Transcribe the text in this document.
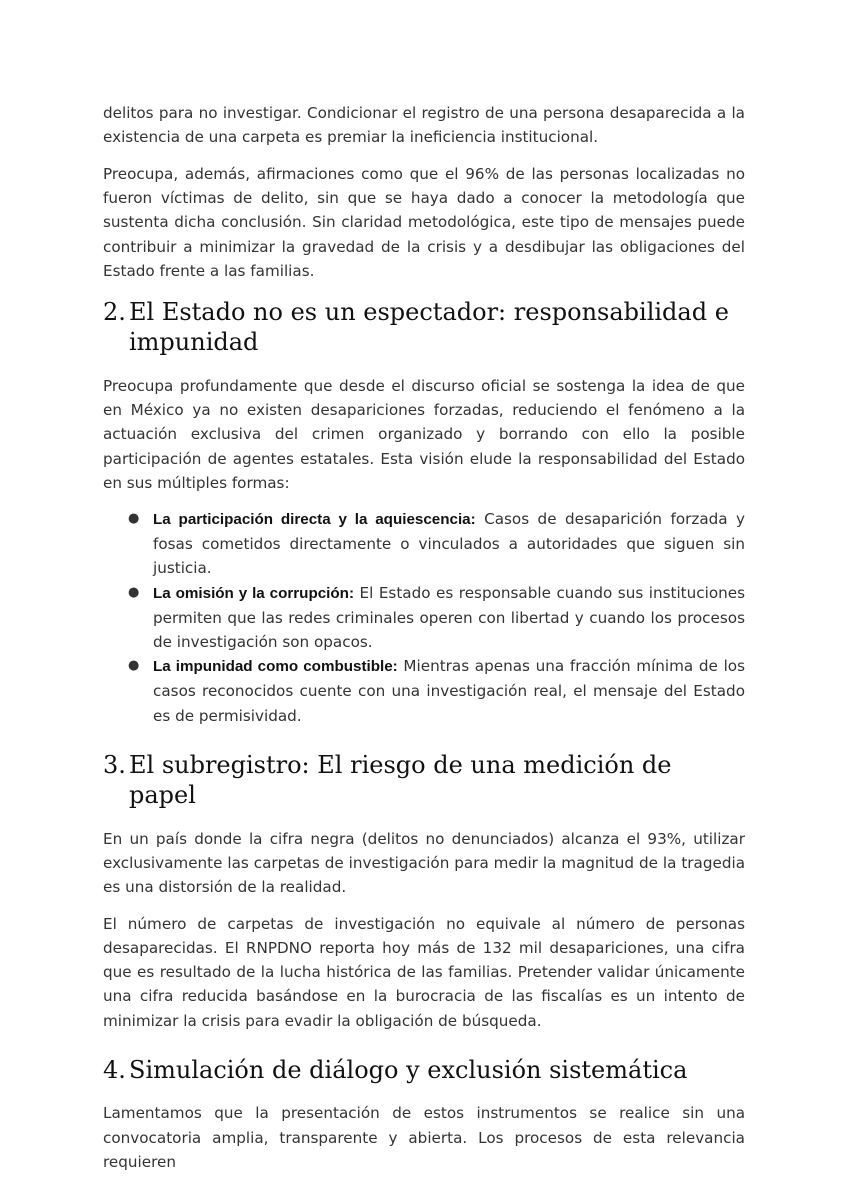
delitos para no investigar. Condicionar el registro de una persona desaparecida a la existencia de una carpeta es premiar la ineficiencia institucional.

Preocupa, además, afirmaciones como que el 96% de las personas localizadas no fueron víctimas de delito, sin que se haya dado a conocer la metodología que sustenta dicha conclusión. Sin claridad metodológica, este tipo de mensajes puede contribuir a minimizar la gravedad de la crisis y a desdibujar las obligaciones del Estado frente a las familias.

2. El Estado no es un espectador: responsabilidad e impunidad

Preocupa profundamente que desde el discurso oficial se sostenga la idea de que en México ya no existen desapariciones forzadas, reduciendo el fenómeno a la actuación exclusiva del crimen organizado y borrando con ello la posible participación de agentes estatales. Esta visión elude la responsabilidad del Estado en sus múltiples formas:

● La participación directa y la aquiescencia: Casos de desaparición forzada y fosas cometidos directamente o vinculados a autoridades que siguen sin justicia.
● La omisión y la corrupción: El Estado es responsable cuando sus instituciones permiten que las redes criminales operen con libertad y cuando los procesos de investigación son opacos.
● La impunidad como combustible: Mientras apenas una fracción mínima de los casos reconocidos cuente con una investigación real, el mensaje del Estado es de permisividad.
3. El subregistro: El riesgo de una medición de papel

En un país donde la cifra negra (delitos no denunciados) alcanza el 93%, utilizar exclusivamente las carpetas de investigación para medir la magnitud de la tragedia es una distorsión de la realidad.

El número de carpetas de investigación no equivale al número de personas desaparecidas. El RNPDNO reporta hoy más de 132 mil desapariciones, una cifra que es resultado de la lucha histórica de las familias. Pretender validar únicamente una cifra reducida basándose en la burocracia de las fiscalías es un intento de minimizar la crisis para evadir la obligación de búsqueda.

4. Simulación de diálogo y exclusión sistemática

Lamentamos que la presentación de estos instrumentos se realice sin una convocatoria amplia, transparente y abierta. Los procesos de esta relevancia requieren
